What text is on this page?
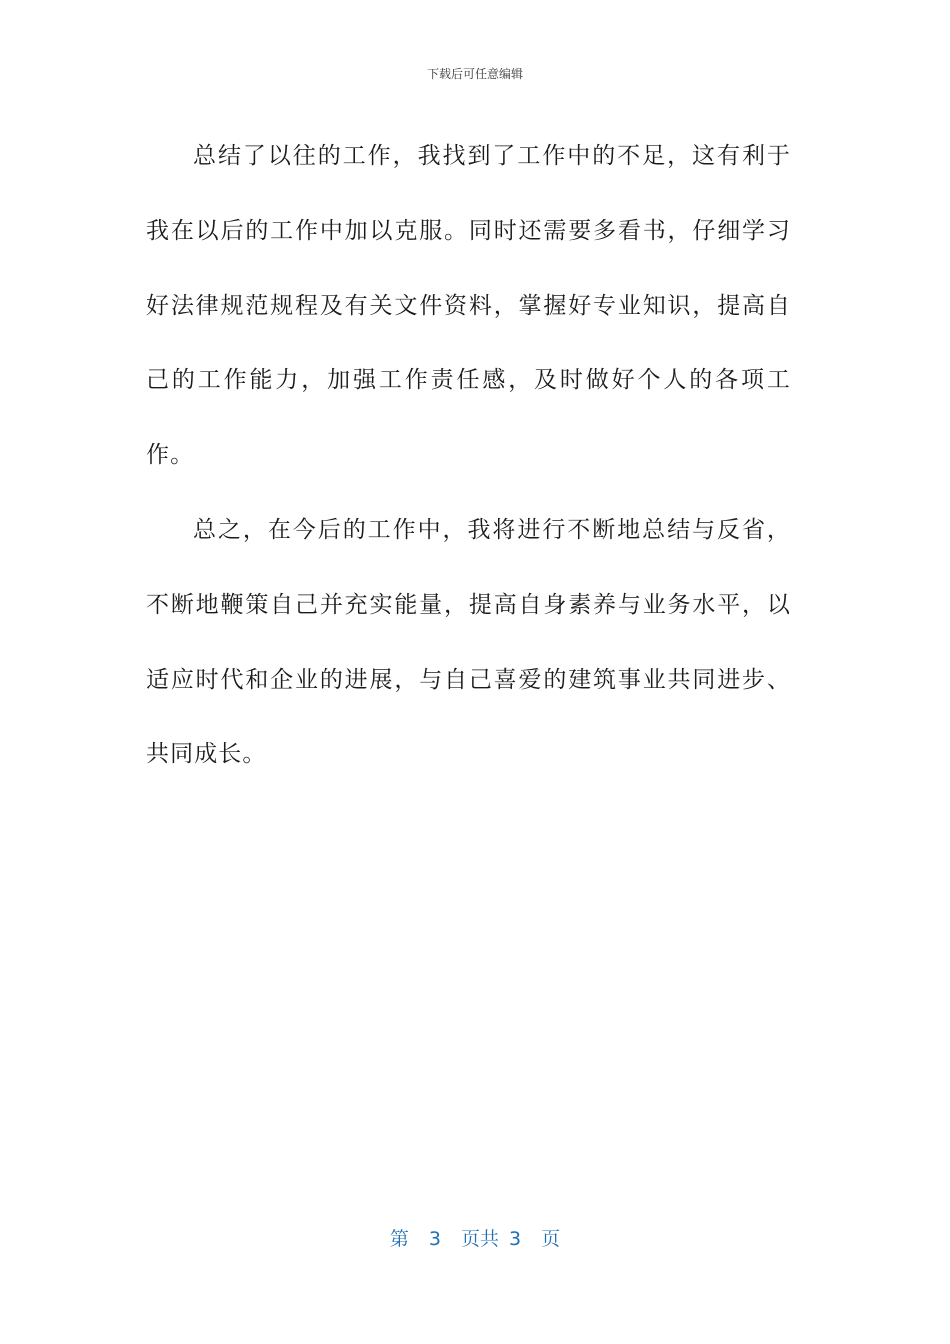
下载后可任意编辑

总结了以往的工作，我找到了工作中的不足，这有利于我在以后的工作中加以克服。同时还需要多看书，仔细学习好法律规范规程及有关文件资料，掌握好专业知识，提高自己的工作能力，加强工作责任感，及时做好个人的各项工作。

总之，在今后的工作中，我将进行不断地总结与反省，不断地鞭策自己并充实能量，提高自身素养与业务水平，以适应时代和企业的进展，与自己喜爱的建筑事业共同进步、共同成长。

第 3 页共 3 页
